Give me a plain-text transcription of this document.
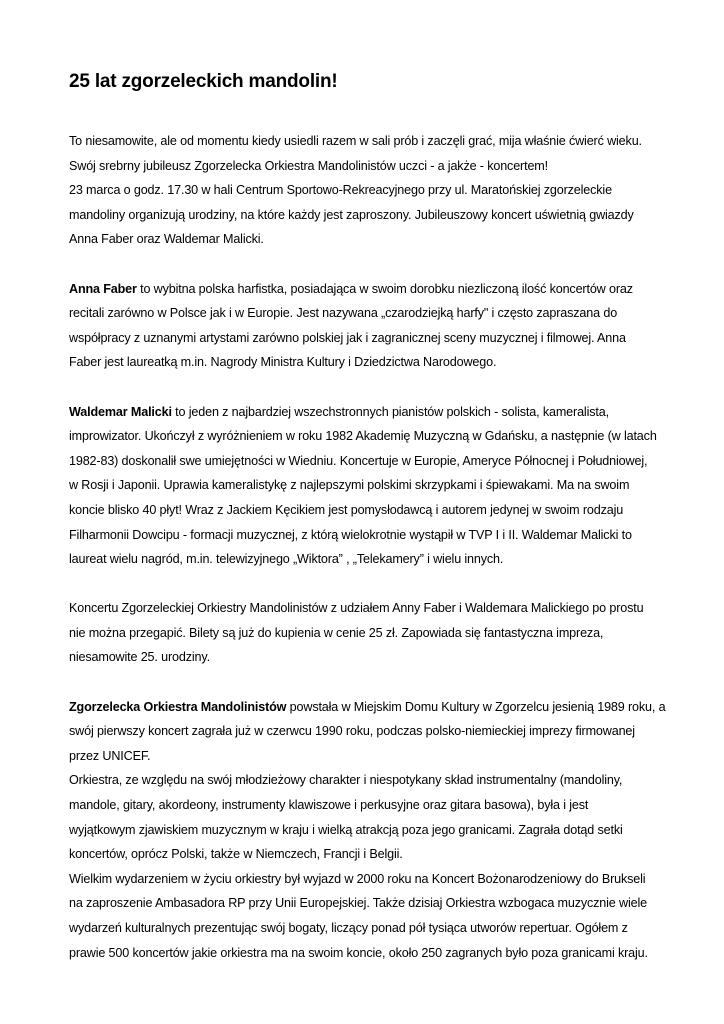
25 lat zgorzeleckich mandolin!
To niesamowite, ale od momentu kiedy usiedli razem w sali prób i zaczęli grać, mija właśnie ćwierć wieku.
Swój srebrny jubileusz Zgorzelecka Orkiestra Mandolinistów uczci - a jakże - koncertem!
23 marca o godz. 17.30 w hali Centrum Sportowo-Rekreacyjnego przy ul. Maratońskiej zgorzeleckie
mandoliny organizują urodziny, na które każdy jest zaproszony. Jubileuszowy koncert uświetnią gwiazdy
Anna Faber oraz Waldemar Malicki.
Anna Faber to wybitna polska harfistka, posiadająca w swoim dorobku niezliczoną ilość koncertów oraz
recitali zarówno w Polsce jak i w Europie. Jest nazywana „czarodziejką harfy" i często zapraszana do
współpracy z uznanymi artystami zarówno polskiej jak i zagranicznej sceny muzycznej i filmowej. Anna
Faber jest laureatką m.in. Nagrody Ministra Kultury i Dziedzictwa Narodowego.
Waldemar Malicki to jeden z najbardziej wszechstronnych pianistów polskich - solista, kameralista,
improwizator. Ukończył z wyróżnieniem w roku 1982 Akademię Muzyczną w Gdańsku, a następnie (w latach
1982-83) doskonalił swe umiejętności w Wiedniu. Koncertuje w Europie, Ameryce Północnej i Południowej,
w Rosji i Japonii. Uprawia kameralistykę z najlepszymi polskimi skrzypkami i śpiewakami. Ma na swoim
koncie blisko 40 płyt! Wraz z Jackiem Kęcikiem jest pomysłodawcą i autorem jedynej w swoim rodzaju
Filharmonii Dowcipu - formacji muzycznej, z którą wielokrotnie wystąpił w TVP I i II. Waldemar Malicki to
laureat wielu nagród, m.in. telewizyjnego „Wiktora” , „Telekamery” i wielu innych.
Koncertu Zgorzeleckiej Orkiestry Mandolinistów z udziałem Anny Faber i Waldemara Malickiego po prostu
nie można przegapić. Bilety są już do kupienia w cenie 25 zł. Zapowiada się fantastyczna impreza,
niesamowite 25. urodziny.
Zgorzelecka Orkiestra Mandolinistów powstała w Miejskim Domu Kultury w Zgorzelcu jesienią 1989 roku, a
swój pierwszy koncert zagrała już w czerwcu 1990 roku, podczas polsko-niemieckiej imprezy firmowanej
przez UNICEF.
Orkiestra, ze względu na swój młodzieżowy charakter i niespotykany skład instrumentalny (mandoliny,
mandole, gitary, akordeony, instrumenty klawiszowe i perkusyjne oraz gitara basowa), była i jest
wyjątkowym zjawiskiem muzycznym w kraju i wielką atrakcją poza jego granicami. Zagrała dotąd setki
koncertów, oprócz Polski, także w Niemczech, Francji i Belgii.
Wielkim wydarzeniem w życiu orkiestry był wyjazd w 2000 roku na Koncert Bożonarodzeniowy do Brukseli
na zaproszenie Ambasadora RP przy Unii Europejskiej. Także dzisiaj Orkiestra wzbogaca muzycznie wiele
wydarzeń kulturalnych prezentując swój bogaty, liczący ponad pół tysiąca utworów repertuar. Ogółem z
prawie 500 koncertów jakie orkiestra ma na swoim koncie, około 250 zagranych było poza granicami kraju.
